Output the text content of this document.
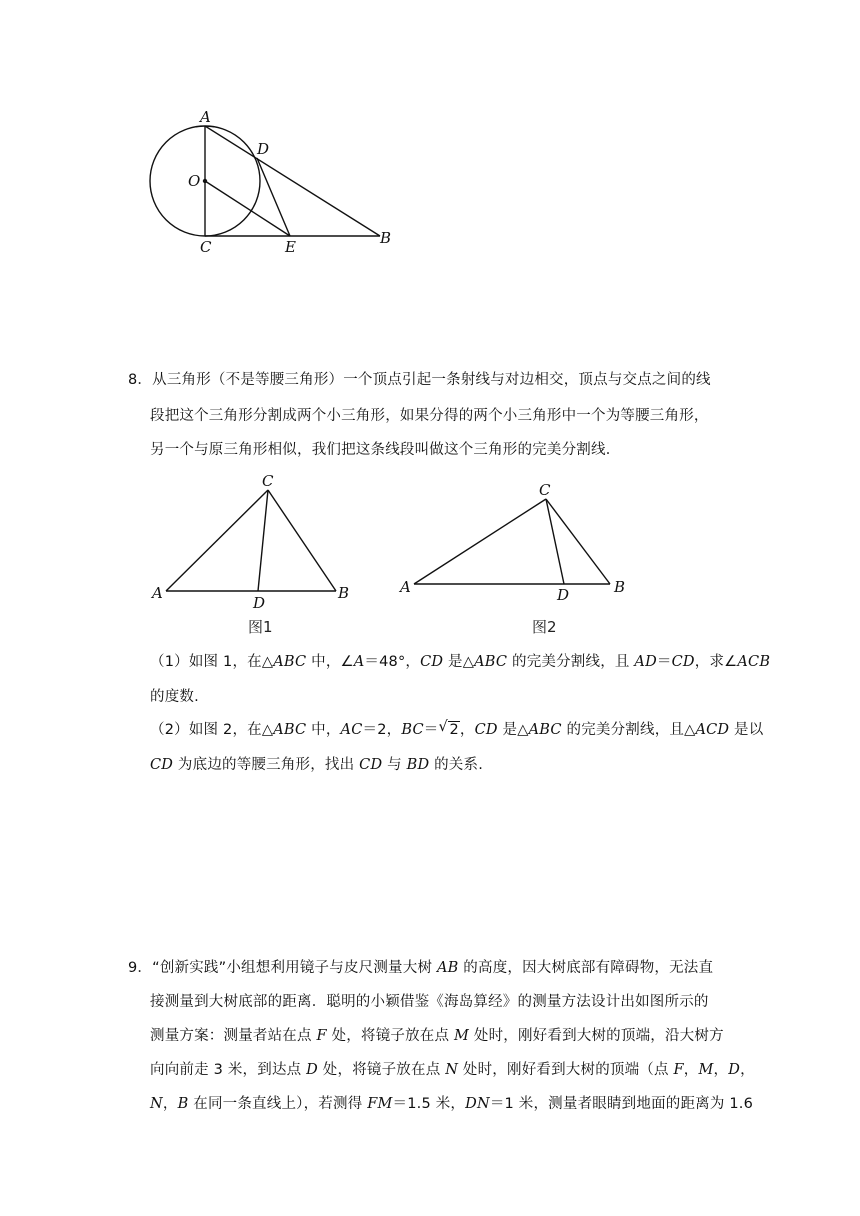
A
D
O
C	E	B
8．从三角形（不是等腰三角形）一个顶点引起一条射线与对边相交，顶点与交点之间的线
段把这个三角形分割成两个小三角形，如果分得的两个小三角形中一个为等腰三角形，
另一个与原三角形相似，我们把这条线段叫做这个三角形的完美分割线．
C
A
D
B
图1
C
A	D	B
图2
（1）如图 1，在△ABC 中，∠A＝48°，CD 是△ABC 的完美分割线，且 AD＝CD，求∠ACB
的度数.
（2）如图 2，在△ABC 中，AC＝2，BC＝ √ 2，CD 是△ABC 的完美分割线，且△ACD 是以
CD 为底边的等腰三角形，找出 CD 与 BD 的关系.
9．“创新实践”小组想利用镜子与皮尺测量大树 AB 的高度，因大树底部有障碍物，无法直
接测量到大树底部的距离．聪明的小颖借鉴《海岛算经》的测量方法设计出如图所示的
测量方案：测量者站在点 F 处，将镜子放在点 M 处时，刚好看到大树的顶端，沿大树方
向向前走 3 米，到达点 D 处，将镜子放在点 N 处时，刚好看到大树的顶端（点 F，M，D，
N，B 在同一条直线上），若测得 FM＝1.5 米，DN＝1 米，测量者眼睛到地面的距离为 1.6
